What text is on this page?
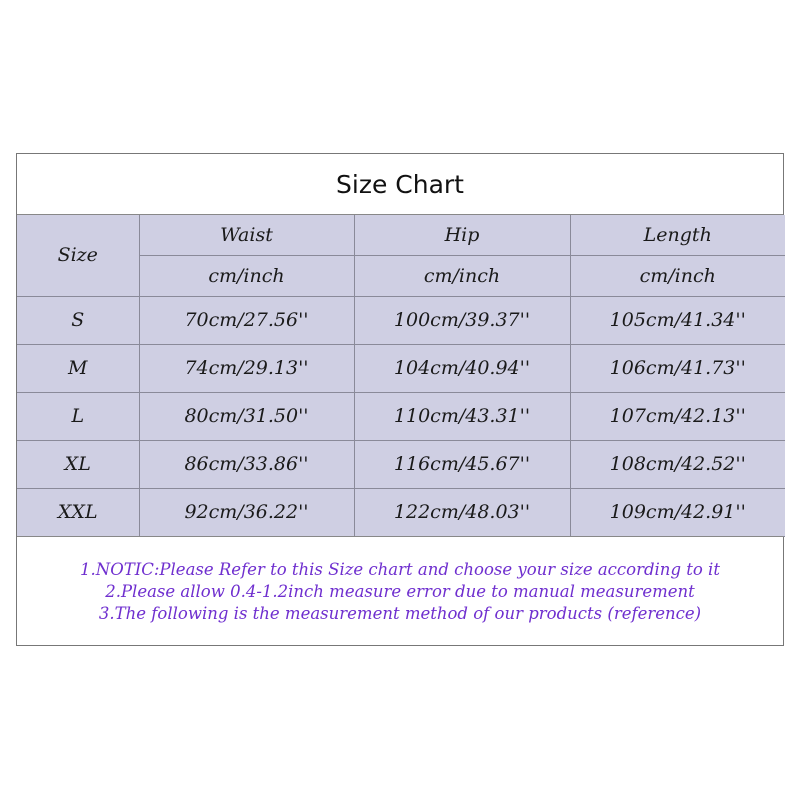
Size Chart
Size	Waist	Hip	Length
	cm/inch	cm/inch	cm/inch
S	70cm/27.56''	100cm/39.37''	105cm/41.34''
M	74cm/29.13''	104cm/40.94''	106cm/41.73''
L	80cm/31.50''	110cm/43.31''	107cm/42.13''
XL	86cm/33.86''	116cm/45.67''	108cm/42.52''
XXL	92cm/36.22''	122cm/48.03''	109cm/42.91''
1.NOTIC:Please Refer to this Size chart and choose your size according to it
2.Please allow 0.4-1.2inch measure error due to manual measurement
3.The following is the measurement method of our products (reference)
